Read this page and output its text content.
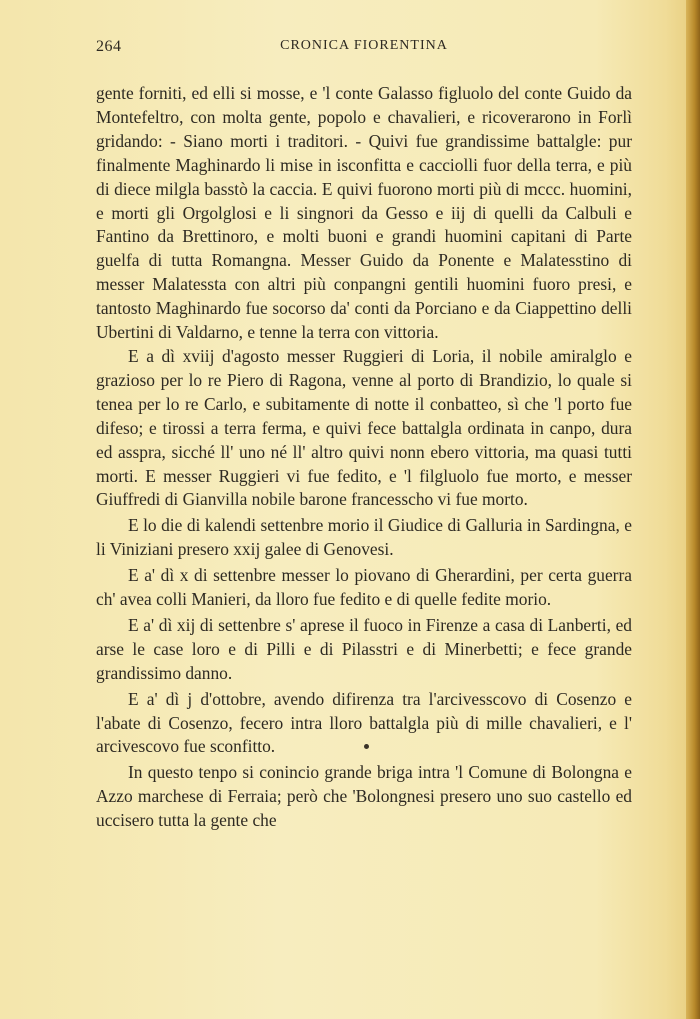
264	CRONICA FIORENTINA

gente forniti, ed elli si mosse, e 'l conte Galasso figluolo del conte Guido da Montefeltro, con molta gente, popolo e chavalieri, e ricoverarono in Forlì gridando: - Siano morti i traditori. - Quivi fue grandissime battalgle: pur finalmente Maghinardo li mise in isconfitta e cacciolli fuor della terra, e più di diece milgla basstò la caccia. E quivi fuorono morti più di mccc. huomini, e morti gli Orgolglosi e li singnori da Gesso e iij di quelli da Calbuli e Fantino da Brettinoro, e molti buoni e grandi huomini capitani di Parte guelfa di tutta Romangna. Messer Guido da Ponente e Malatesstino di messer Malatessta con altri più conpangni gentili huomini fuoro presi, e tantosto Maghinardo fue socorso da' conti da Porciano e da Ciappettino delli Ubertini di Valdarno, e tenne la terra con vittoria.

E a dì xviij d'agosto messer Ruggieri di Loria, il nobile amiralglo e grazioso per lo re Piero di Ragona, venne al porto di Brandizio, lo quale si tenea per lo re Carlo, e subitamente di notte il conbatteo, sì che 'l porto fue difeso; e tirossi a terra ferma, e quivi fece battalgla ordinata in canpo, dura ed asspra, sicché ll' uno né ll' altro quivi nonn ebero vittoria, ma quasi tutti morti. E messer Ruggieri vi fue fedito, e 'l filgluolo fue morto, e messer Giuffredi di Gianvilla nobile barone francesscho vi fue morto.

E lo die di kalendi settenbre morio il Giudice di Galluria in Sardingna, e li Viniziani presero xxij galee di Genovesi.

E a' dì x di settenbre messer lo piovano di Gherardini, per certa guerra ch' avea colli Manieri, da lloro fue fedito e di quelle fedite morio.

E a' dì xij di settenbre s' aprese il fuoco in Firenze a casa di Lanberti, ed arse le case loro e di Pilli e di Pilasstri e di Minerbetti; e fece grande grandissimo danno.

E a' dì j d'ottobre, avendo difirenza tra l'arcivesscovo di Cosenzo e l'abate di Cosenzo, fecero intra lloro battalgla più di mille chavalieri, e l' arcivescovo fue sconfitto.

In questo tenpo si conincio grande briga intra 'l Comune di Bolongna e Azzo marchese di Ferraia; però che 'Bolongnesi presero uno suo castello ed uccisero tutta la gente che
